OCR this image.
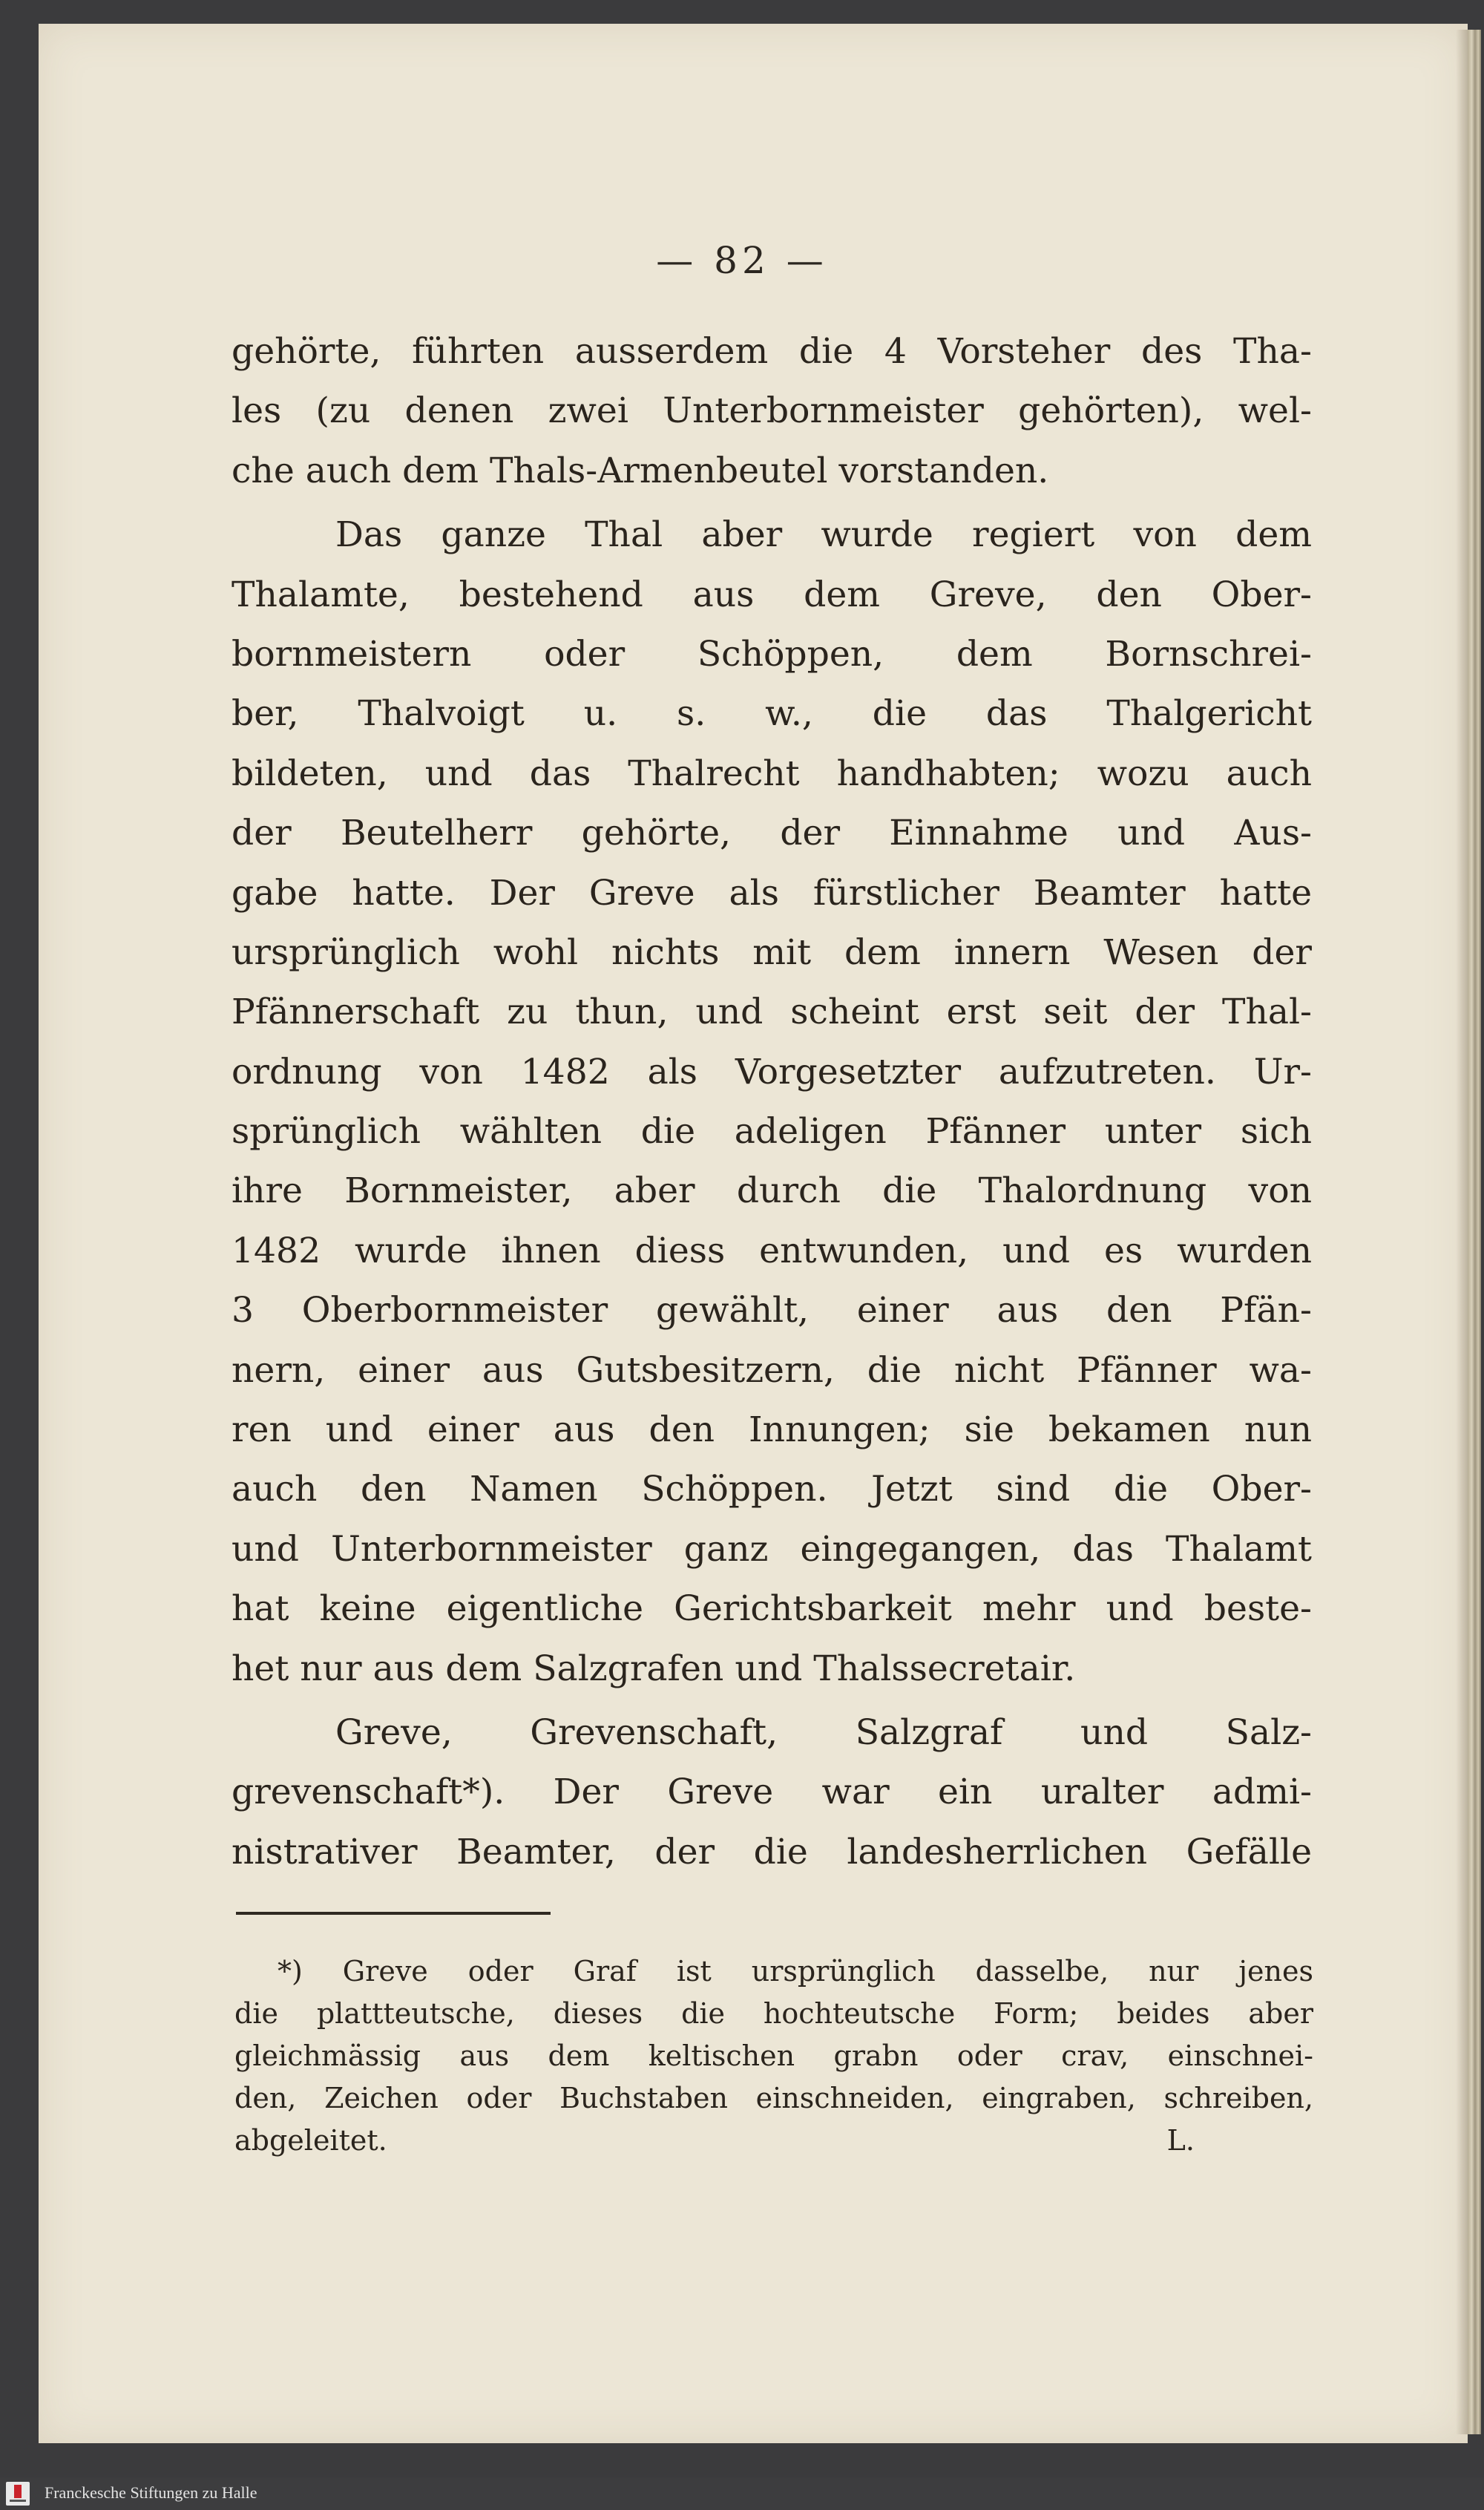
— 82 —
gehörte, führten ausserdem die 4 Vorsteher des Tha-
les (zu denen zwei Unterbornmeister gehörten), wel-
che auch dem Thals-Armenbeutel vorstanden.
Das ganze Thal aber wurde regiert von dem
Thalamte, bestehend aus dem Greve, den Ober-
bornmeistern oder Schöppen, dem Bornschrei-
ber, Thalvoigt u. s. w., die das Thalgericht
bildeten, und das Thalrecht handhabten; wozu auch
der Beutelherr gehörte, der Einnahme und Aus-
gabe hatte. Der Greve als fürstlicher Beamter hatte
ursprünglich wohl nichts mit dem innern Wesen der
Pfännerschaft zu thun, und scheint erst seit der Thal-
ordnung von 1482 als Vorgesetzter aufzutreten. Ur-
sprünglich wählten die adeligen Pfänner unter sich
ihre Bornmeister, aber durch die Thalordnung von
1482 wurde ihnen diess entwunden, und es wurden
3 Oberbornmeister gewählt, einer aus den Pfän-
nern, einer aus Gutsbesitzern, die nicht Pfänner wa-
ren und einer aus den Innungen; sie bekamen nun
auch den Namen Schöppen. Jetzt sind die Ober-
und Unterbornmeister ganz eingegangen, das Thalamt
hat keine eigentliche Gerichtsbarkeit mehr und beste-
het nur aus dem Salzgrafen und Thalssecretair.
Greve, Grevenschaft, Salzgraf und Salz-
grevenschaft*). Der Greve war ein uralter admi-
nistrativer Beamter, der die landesherrlichen Gefälle
*) Greve oder Graf ist ursprünglich dasselbe, nur jenes
die plattteutsche, dieses die hochteutsche Form; beides aber
gleichmässig aus dem keltischen grabn oder crav, einschnei-
den, Zeichen oder Buchstaben einschneiden, eingraben, schreiben,
abgeleitet.	L.
Franckesche Stiftungen zu Halle
